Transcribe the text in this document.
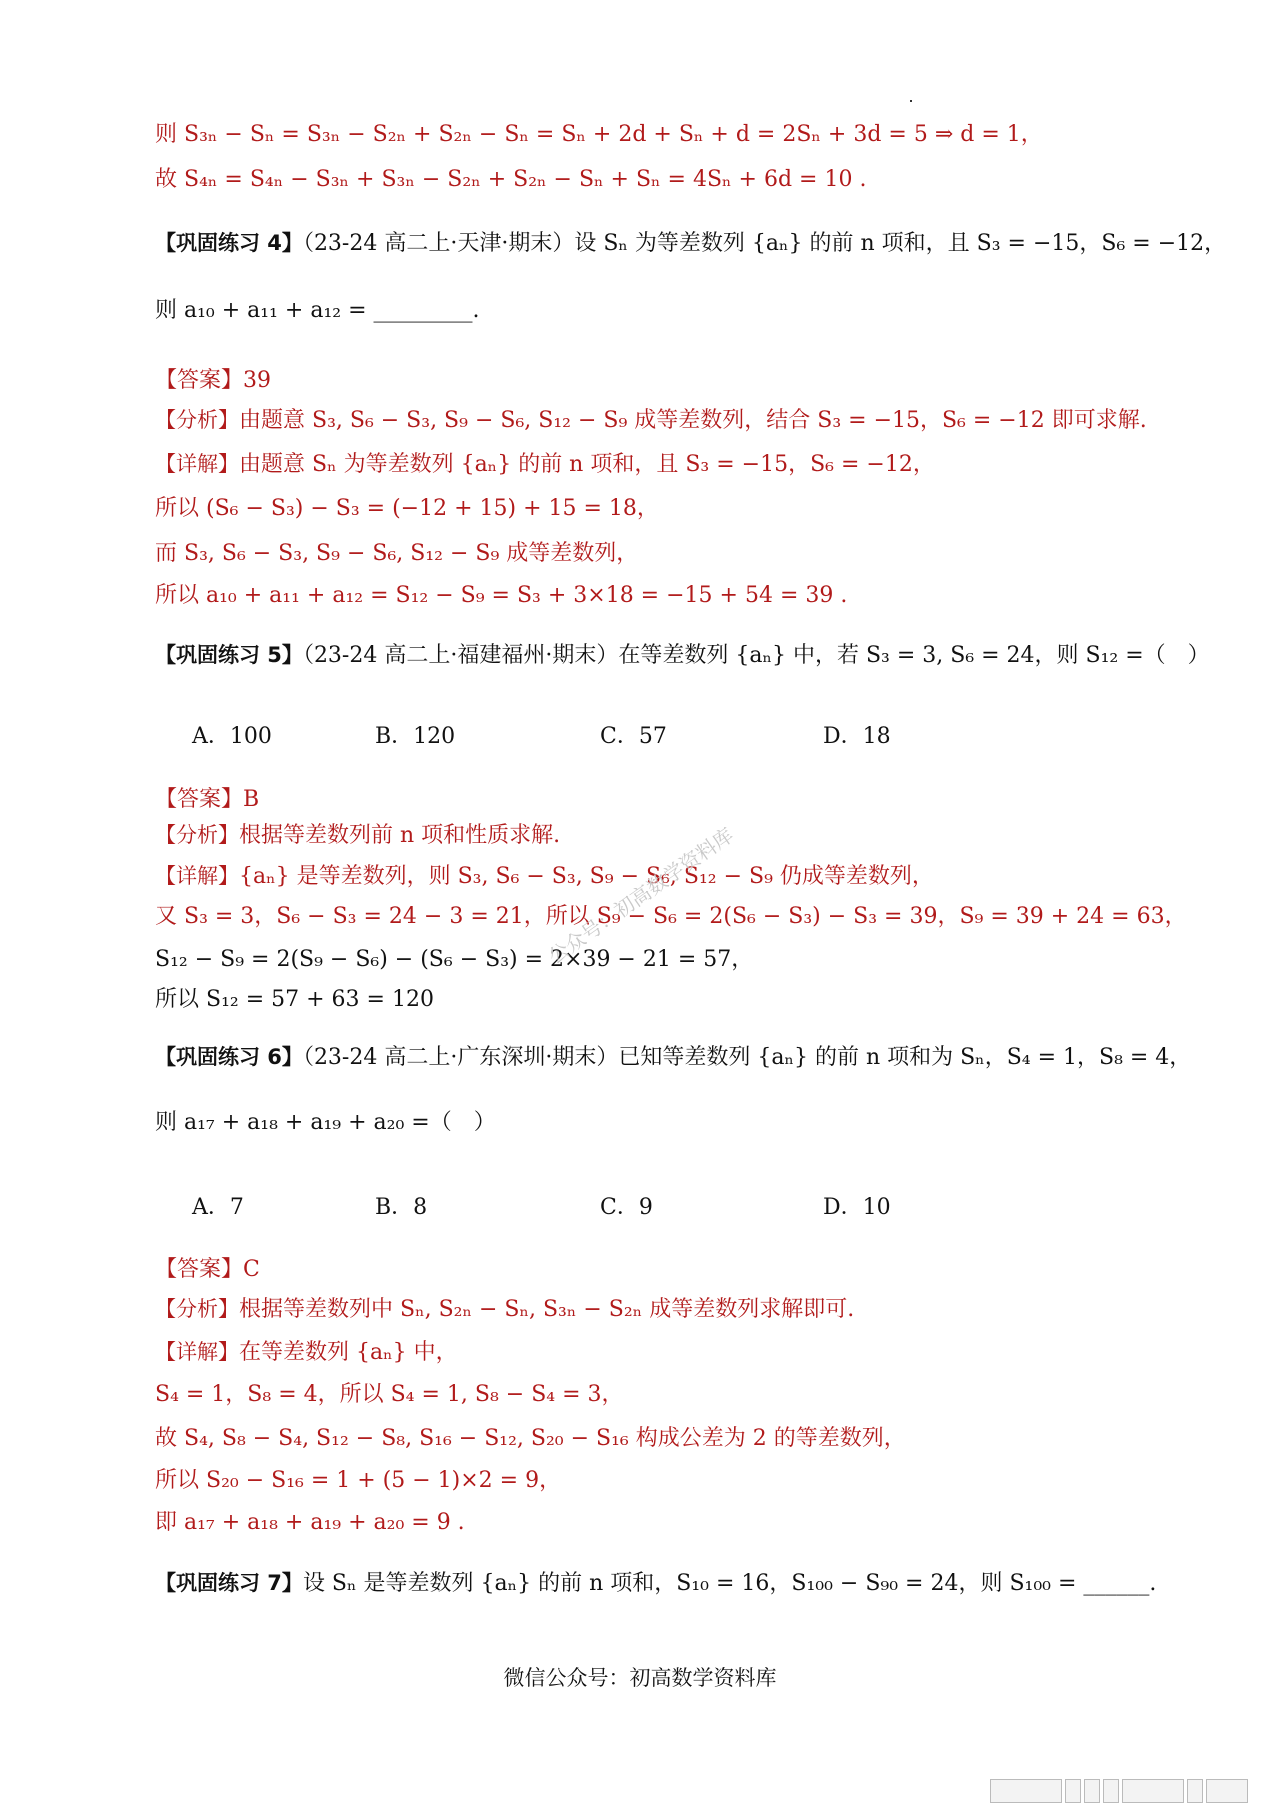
则 S₃ₙ − Sₙ = S₃ₙ − S₂ₙ + S₂ₙ − Sₙ = Sₙ + 2d + Sₙ + d = 2Sₙ + 3d = 5 ⇒ d = 1，
故 S₄ₙ = S₄ₙ − S₃ₙ + S₃ₙ − S₂ₙ + S₂ₙ − Sₙ + Sₙ = 4Sₙ + 6d = 10 .
【巩固练习 4】（23-24 高二上·天津·期末）设 Sₙ 为等差数列 {aₙ} 的前 n 项和，且 S₃ = −15，S₆ = −12，
则 a₁₀ + a₁₁ + a₁₂ = _________.
【答案】39
【分析】由题意 S₃, S₆ − S₃, S₉ − S₆, S₁₂ − S₉ 成等差数列，结合 S₃ = −15，S₆ = −12 即可求解.
【详解】由题意 Sₙ 为等差数列 {aₙ} 的前 n 项和，且 S₃ = −15，S₆ = −12，
所以 (S₆ − S₃) − S₃ = (−12 + 15) + 15 = 18，
而 S₃, S₆ − S₃, S₉ − S₆, S₁₂ − S₉ 成等差数列，
所以 a₁₀ + a₁₁ + a₁₂ = S₁₂ − S₉ = S₃ + 3×18 = −15 + 54 = 39 .
【巩固练习 5】（23-24 高二上·福建福州·期末）在等差数列 {aₙ} 中，若 S₃ = 3, S₆ = 24，则 S₁₂ =（　）
A．100	B．120	C．57	D．18
【答案】B
【分析】根据等差数列前 n 项和性质求解.
【详解】{aₙ} 是等差数列，则 S₃, S₆ − S₃, S₉ − S₆, S₁₂ − S₉ 仍成等差数列，
又 S₃ = 3，S₆ − S₃ = 24 − 3 = 21，所以 S₉ − S₆ = 2(S₆ − S₃) − S₃ = 39，S₉ = 39 + 24 = 63，
S₁₂ − S₉ = 2(S₉ − S₆) − (S₆ − S₃) = 2×39 − 21 = 57，
所以 S₁₂ = 57 + 63 = 120
公众号：初高数学资料库
【巩固练习 6】（23-24 高二上·广东深圳·期末）已知等差数列 {aₙ} 的前 n 项和为 Sₙ，S₄ = 1，S₈ = 4，
则 a₁₇ + a₁₈ + a₁₉ + a₂₀ =（　）
A．7	B．8	C．9	D．10
【答案】C
【分析】根据等差数列中 Sₙ, S₂ₙ − Sₙ, S₃ₙ − S₂ₙ 成等差数列求解即可.
【详解】在等差数列 {aₙ} 中，
S₄ = 1，S₈ = 4，所以 S₄ = 1, S₈ − S₄ = 3，
故 S₄, S₈ − S₄, S₁₂ − S₈, S₁₆ − S₁₂, S₂₀ − S₁₆ 构成公差为 2 的等差数列，
所以 S₂₀ − S₁₆ = 1 + (5 − 1)×2 = 9，
即 a₁₇ + a₁₈ + a₁₉ + a₂₀ = 9 .
【巩固练习 7】设 Sₙ 是等差数列 {aₙ} 的前 n 项和，S₁₀ = 16，S₁₀₀ − S₉₀ = 24，则 S₁₀₀ = ______.
微信公众号：初高数学资料库
